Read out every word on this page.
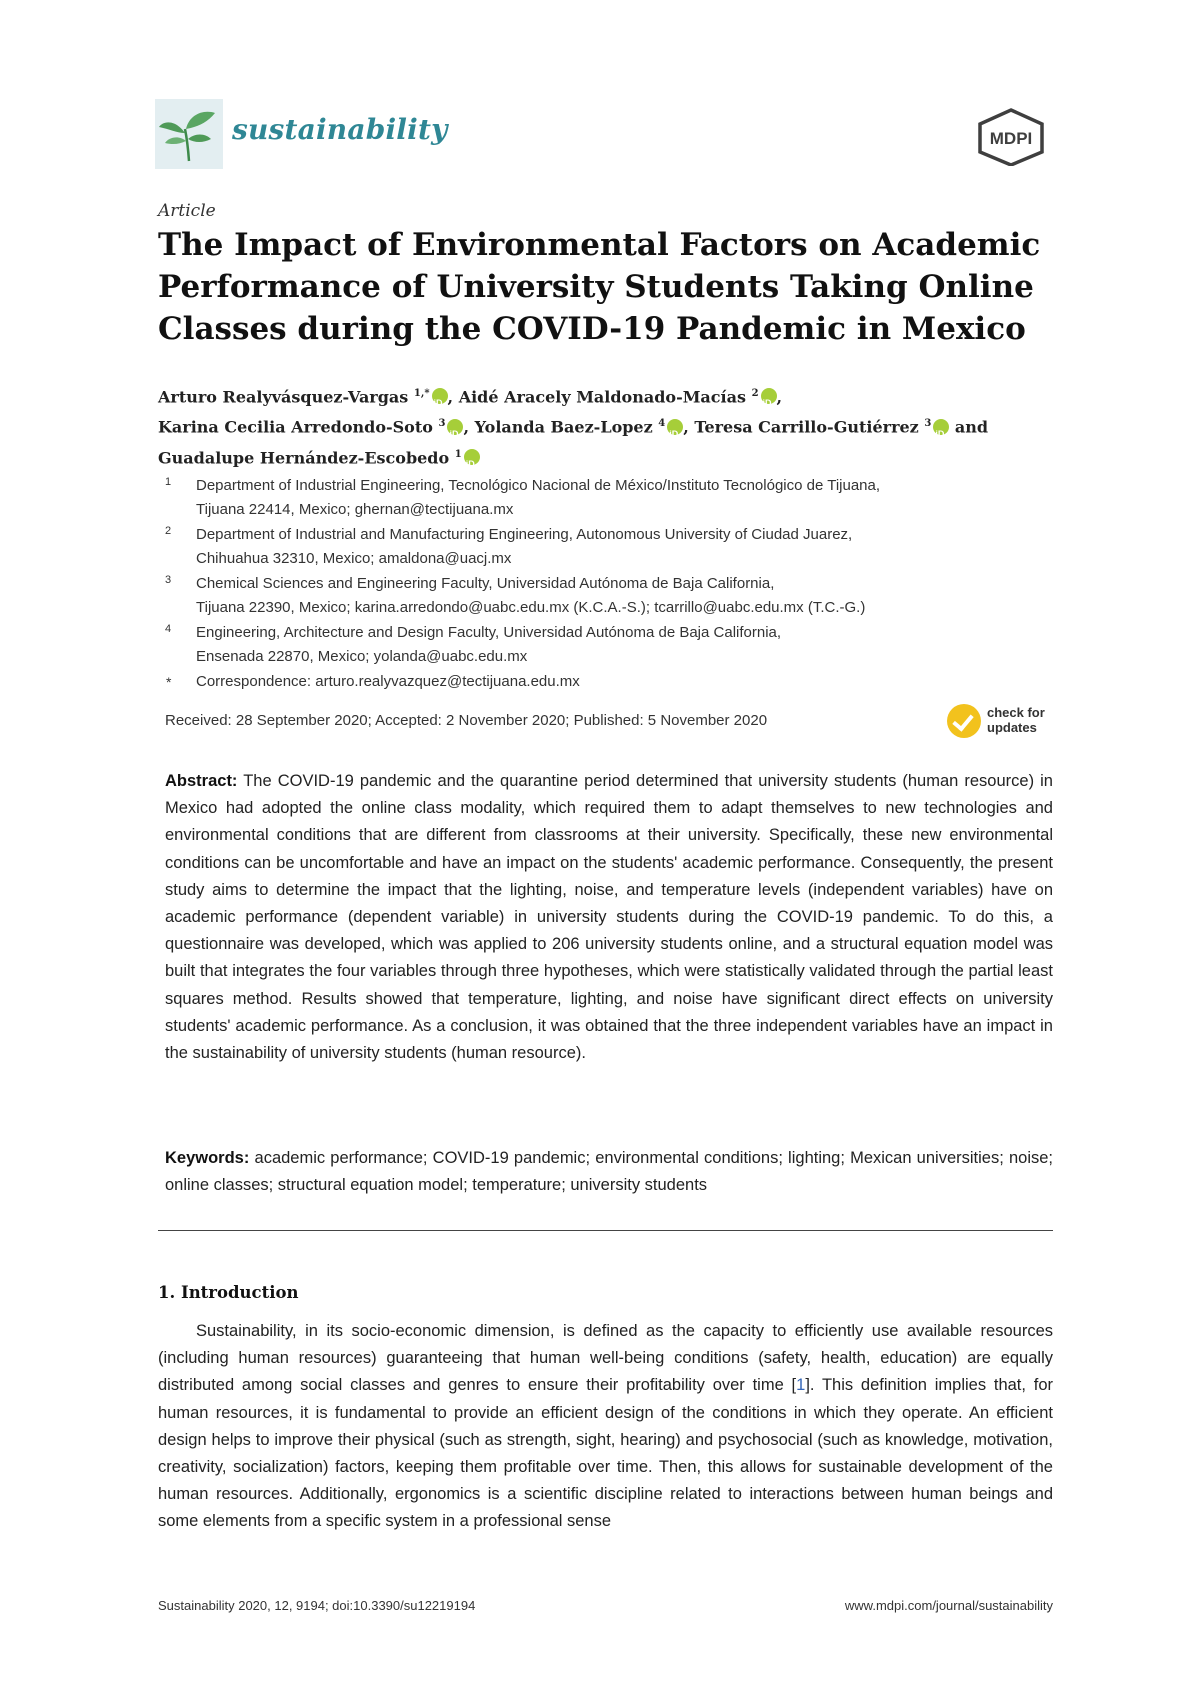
sustainability	MDPI
Article
The Impact of Environmental Factors on Academic Performance of University Students Taking Online Classes during the COVID-19 Pandemic in Mexico
Arturo Realyvásquez-Vargas $^{1,*}$ iD , Aidé Aracely Maldonado-Macías $^2$ iD ,
Karina Cecilia Arredondo-Soto $^3$ iD , Yolanda Baez-Lopez $^4$ iD , Teresa Carrillo-Gutiérrez $^3$iD and
Guadalupe Hernández-Escobedo $^1$iD
1 Department of Industrial Engineering, Tecnológico Nacional de México/Instituto Tecnológico de Tijuana,
Tijuana 22414, Mexico; ghernan@tectijuana.mx
2 Department of Industrial and Manufacturing Engineering, Autonomous University of Ciudad Juarez,
Chihuahua 32310, Mexico; amaldona@uacj.mx
3 Chemical Sciences and Engineering Faculty, Universidad Autónoma de Baja California,
Tijuana 22390, Mexico; karina.arredondo@uabc.edu.mx (K.C.A.-S.); tcarrillo@uabc.edu.mx (T.C.-G.)
4 Engineering, Architecture and Design Faculty, Universidad Autónoma de Baja California,
Ensenada 22870, Mexico; yolanda@uabc.edu.mx
* Correspondence: arturo.realyvazquez@tectijuana.edu.mx
Received: 28 September 2020; Accepted: 2 November 2020; Published: 5 November 2020	check for
updates
Abstract: The COVID-19 pandemic and the quarantine period determined that university students (human resource) in Mexico had adopted the online class modality, which required them to adapt themselves to new technologies and environmental conditions that are different from classrooms at their university. Specifically, these new environmental conditions can be uncomfortable and have an impact on the students' academic performance. Consequently, the present study aims to determine the impact that the lighting, noise, and temperature levels (independent variables) have on academic performance (dependent variable) in university students during the COVID-19 pandemic. To do this, a questionnaire was developed, which was applied to 206 university students online, and a structural equation model was built that integrates the four variables through three hypotheses, which were statistically validated through the partial least squares method. Results showed that temperature, lighting, and noise have significant direct effects on university students' academic performance. As a conclusion, it was obtained that the three independent variables have an impact in the sustainability of university students (human resource).
Keywords: academic performance; COVID-19 pandemic; environmental conditions; lighting; Mexican universities; noise; online classes; structural equation model; temperature; university students
1. Introduction
Sustainability, in its socio-economic dimension, is defined as the capacity to efficiently use available resources (including human resources) guaranteeing that human well-being conditions (safety, health, education) are equally distributed among social classes and genres to ensure their profitability over time [1]. This definition implies that, for human resources, it is fundamental to provide an efficient design of the conditions in which they operate. An efficient design helps to improve their physical (such as strength, sight, hearing) and psychosocial (such as knowledge, motivation, creativity, socialization) factors, keeping them profitable over time. Then, this allows for sustainable development of the human resources. Additionally, ergonomics is a scientific discipline related to interactions between human beings and some elements from a specific system in a professional sense
Sustainability 2020, 12, 9194; doi:10.3390/su12219194	www.mdpi.com/journal/sustainability
